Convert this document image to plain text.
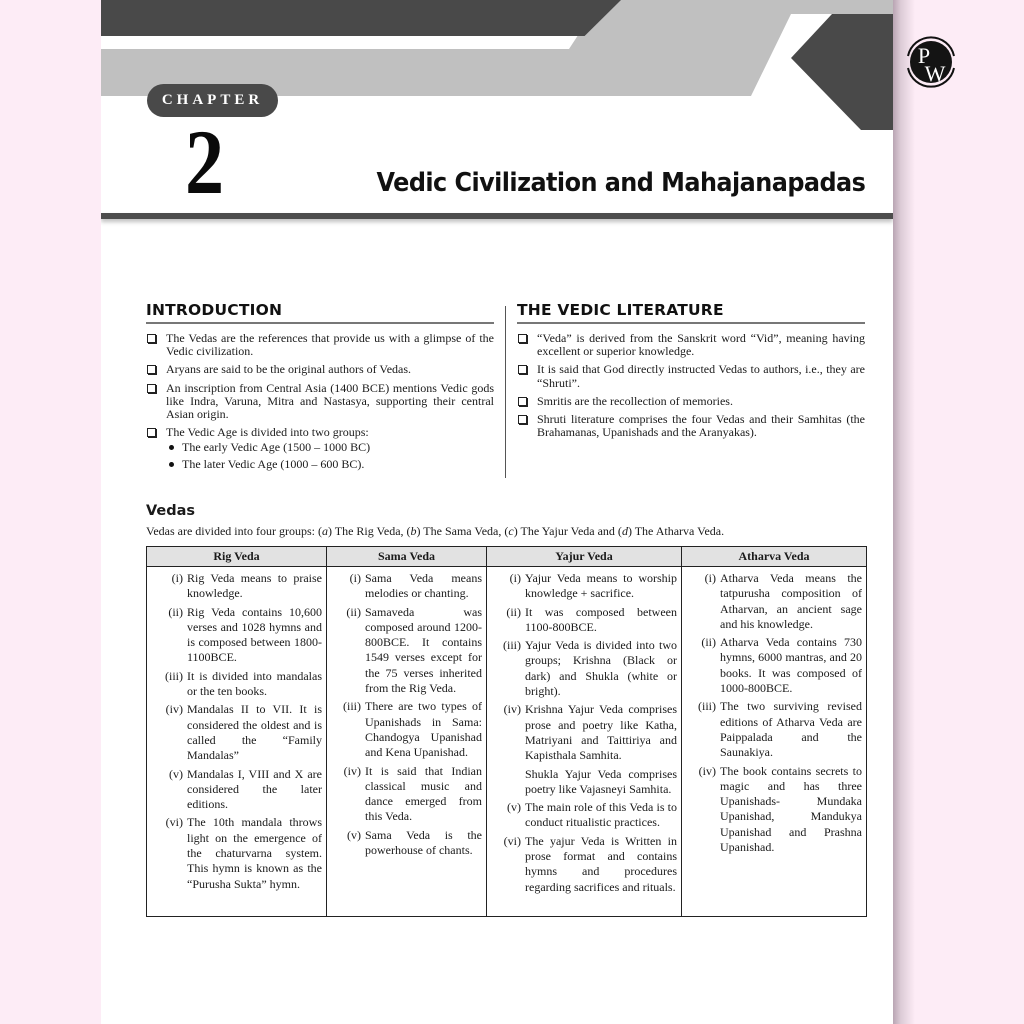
CHAPTER
2	Vedic Civilization and Mahajanapadas
INTRODUCTION
The Vedas are the references that provide us with a glimpse of the Vedic civilization.
Aryans are said to be the original authors of Vedas.
An inscription from Central Asia (1400 BCE) mentions Vedic gods like Indra, Varuna, Mitra and Nastasya, supporting their central Asian origin.
The Vedic Age is divided into two groups:
The early Vedic Age (1500 – 1000 BC)
The later Vedic Age (1000 – 600 BC).
THE VEDIC LITERATURE
“Veda” is derived from the Sanskrit word “Vid”, meaning having excellent or superior knowledge.
It is said that God directly instructed Vedas to authors, i.e., they are “Shruti”.
Smritis are the recollection of memories.
Shruti literature comprises the four Vedas and their Samhitas (the Brahamanas, Upanishads and the Aranyakas).
Vedas
Vedas are divided into four groups: (a) The Rig Veda, (b) The Sama Veda, (c) The Yajur Veda and (d) The Atharva Veda.
Rig Veda	Sama Veda	Yajur Veda	Atharva Veda

(i) Rig Veda means to praise knowledge.
(ii) Rig Veda contains 10,600 verses and 1028 hymns and is composed between 1800-1100BCE.
(iii) It is divided into mandalas or the ten books.
(iv) Mandalas II to VII. It is considered the oldest and is called the “Family Mandalas”
(v) Mandalas I, VIII and X are considered the later editions.
(vi) The 10th mandala throws light on the emergence of the chaturvarna system. This hymn is known as the “Purusha Sukta” hymn.

(i) Sama Veda means melodies or chanting.
(ii) Samaveda was composed around 1200-800BCE. It contains 1549 verses except for the 75 verses inherited from the Rig Veda.
(iii) There are two types of Upanishads in Sama: Chandogya Upanishad and Kena Upanishad.
(iv) It is said that Indian classical music and dance emerged from this Veda.
(v) Sama Veda is the powerhouse of chants.

(i) Yajur Veda means to worship knowledge + sacrifice.
(ii) It was composed between 1100-800BCE.
(iii) Yajur Veda is divided into two groups; Krishna (Black or dark) and Shukla (white or bright).
(iv) Krishna Yajur Veda comprises prose and poetry like Katha, Matriyani and Taittiriya and Kapisthala Samhita.
Shukla Yajur Veda comprises poetry like Vajasneyi Samhita.
(v) The main role of this Veda is to conduct ritualistic practices.
(vi) The yajur Veda is Written in prose format and contains hymns and procedures regarding sacrifices and rituals.

(i) Atharva Veda means the tatpurusha composition of Atharvan, an ancient sage and his knowledge.
(ii) Atharva Veda contains 730 hymns, 6000 mantras, and 20 books. It was composed of 1000-800BCE.
(iii) The two surviving revised editions of Atharva Veda are Paippalada and the Saunakiya.
(iv) The book contains secrets to magic and has three Upanishads- Mundaka Upanishad, Mandukya Upanishad and Prashna Upanishad.
P
W
